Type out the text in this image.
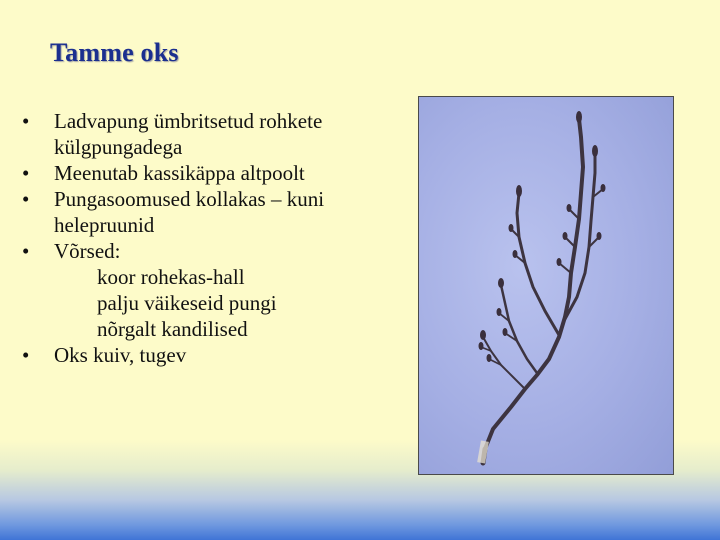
Tamme oks
•	Ladvapung ümbritsetud rohkete
külgpungadega
•	Meenutab kassikäppa altpoolt
•	Pungasoomused kollakas – kuni
helepruunid
•	Võrsed:
koor rohekas-hall
palju väikeseid pungi
nõrgalt kandilised
•	Oks kuiv, tugev
